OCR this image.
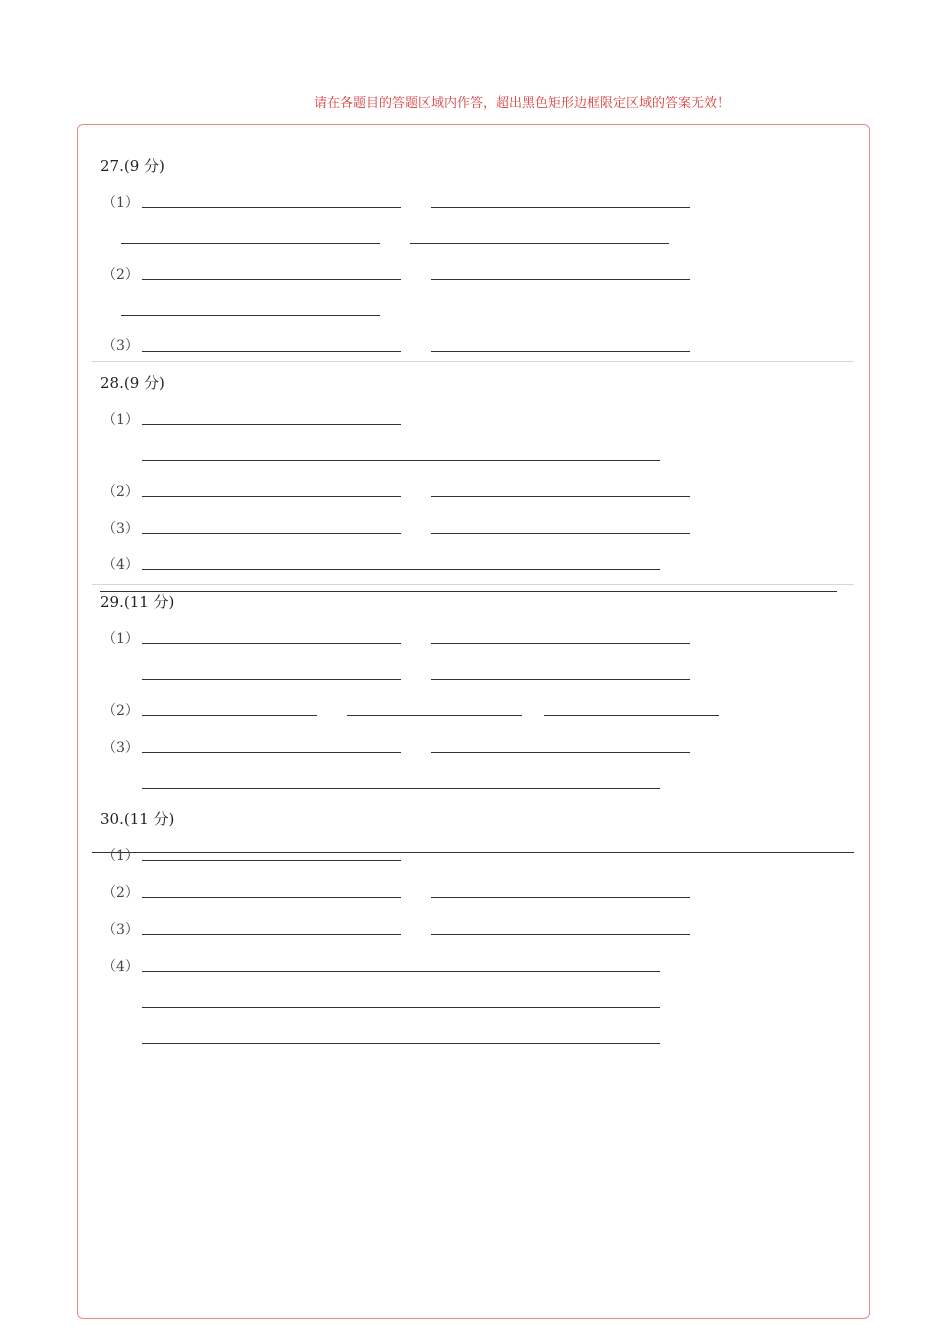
请在各题目的答题区域内作答，超出黑色矩形边框限定区域的答案无效！
27.(9 分)
（1）
（2）
（3）
28.(9 分)
（1）
（2）
（3）
（4）
29.(11 分)
（1）
（2）
（3）
30.(11 分)
（1）
（2）
（3）
（4）
